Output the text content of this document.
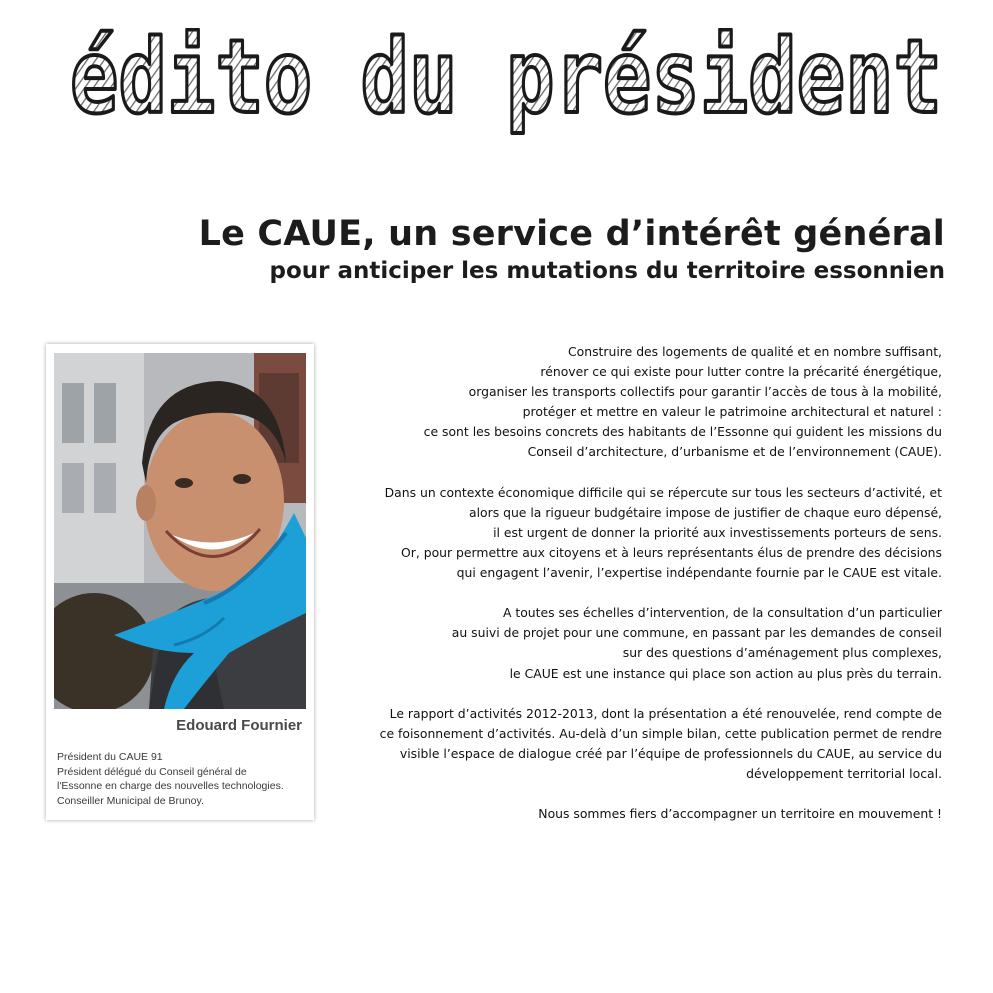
édito du président
Le CAUE, un service d’intérêt général
pour anticiper les mutations du territoire essonnien
Edouard Fournier
Président du CAUE 91
Président délégué du Conseil général de
l'Essonne en charge des nouvelles technologies.
Conseiller Municipal de Brunoy.

Construire des logements de qualité et en nombre suffisant,
rénover ce qui existe pour lutter contre la précarité énergétique,
organiser les transports collectifs pour garantir l’accès de tous à la mobilité,
protéger et mettre en valeur le patrimoine architectural et naturel :
ce sont les besoins concrets des habitants de l’Essonne qui guident les missions du
Conseil d’architecture, d’urbanisme et de l’environnement (CAUE).

Dans un contexte économique difficile qui se répercute sur tous les secteurs d’activité, et
alors que la rigueur budgétaire impose de justifier de chaque euro dépensé,
il est urgent de donner la priorité aux investissements porteurs de sens.
Or, pour permettre aux citoyens et à leurs représentants élus de prendre des décisions
qui engagent l’avenir, l’expertise indépendante fournie par le CAUE est vitale.

A toutes ses échelles d’intervention, de la consultation d’un particulier
au suivi de projet pour une commune, en passant par les demandes de conseil
sur des questions d’aménagement plus complexes,
le CAUE est une instance qui place son action au plus près du terrain.

Le rapport d’activités 2012-2013, dont la présentation a été renouvelée, rend compte de
ce foisonnement d’activités. Au-delà d’un simple bilan, cette publication permet de rendre
visible l’espace de dialogue créé par l’équipe de professionnels du CAUE, au service du
développement territorial local.

Nous sommes fiers d’accompagner un territoire en mouvement !
